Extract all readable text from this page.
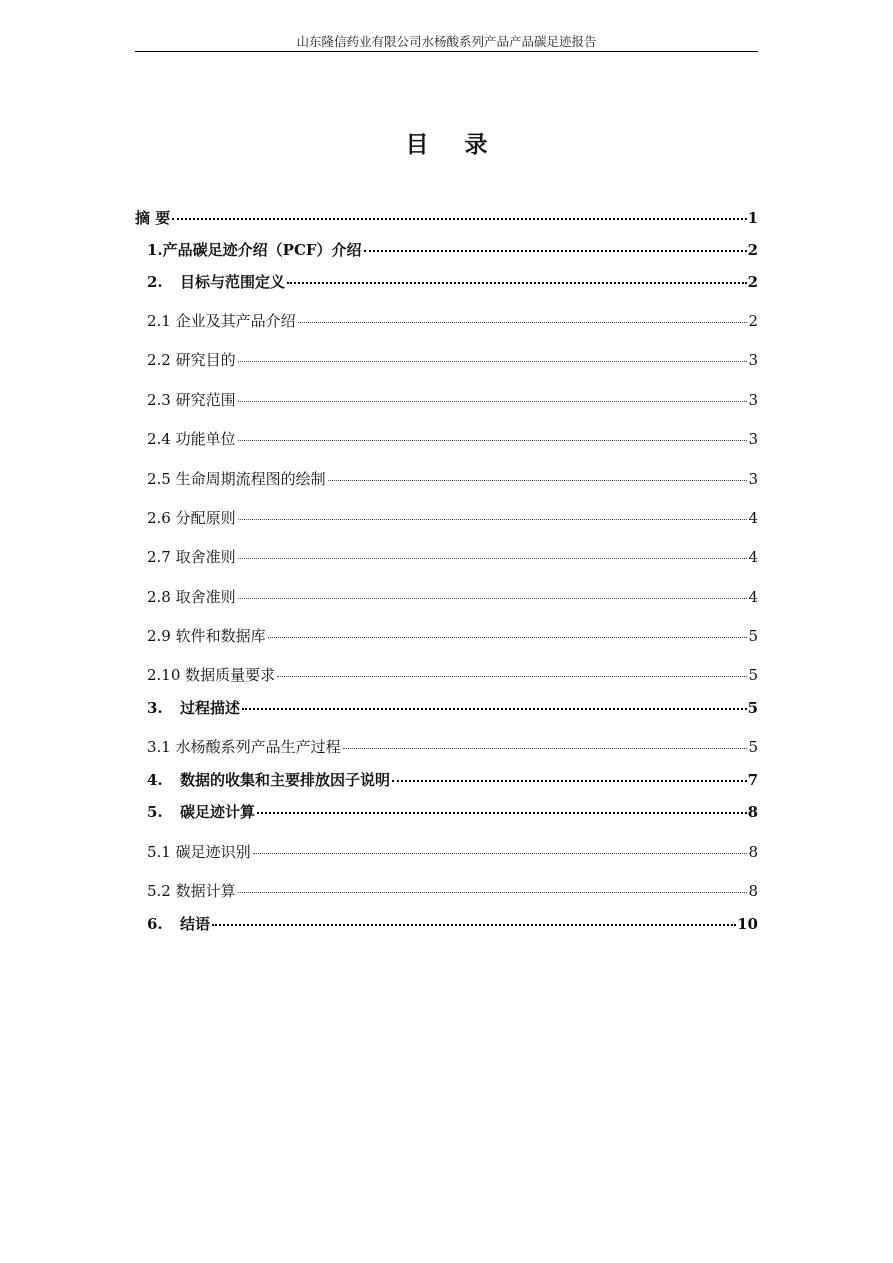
山东隆信药业有限公司水杨酸系列产品产品碳足迹报告
目 录
摘 要	1
1.产品碳足迹介绍（PCF）介绍	2
2.	目标与范围定义	2
2.1 企业及其产品介绍	2
2.2 研究目的	3
2.3 研究范围	3
2.4 功能单位	3
2.5 生命周期流程图的绘制	3
2.6 分配原则	4
2.7 取舍准则	4
2.8 取舍准则	4
2.9 软件和数据库	5
2.10 数据质量要求	5
3.	过程描述	5
3.1 水杨酸系列产品生产过程	5
4.	数据的收集和主要排放因子说明	7
5.	碳足迹计算	8
5.1 碳足迹识别	8
5.2 数据计算	8
6.	结语	10
